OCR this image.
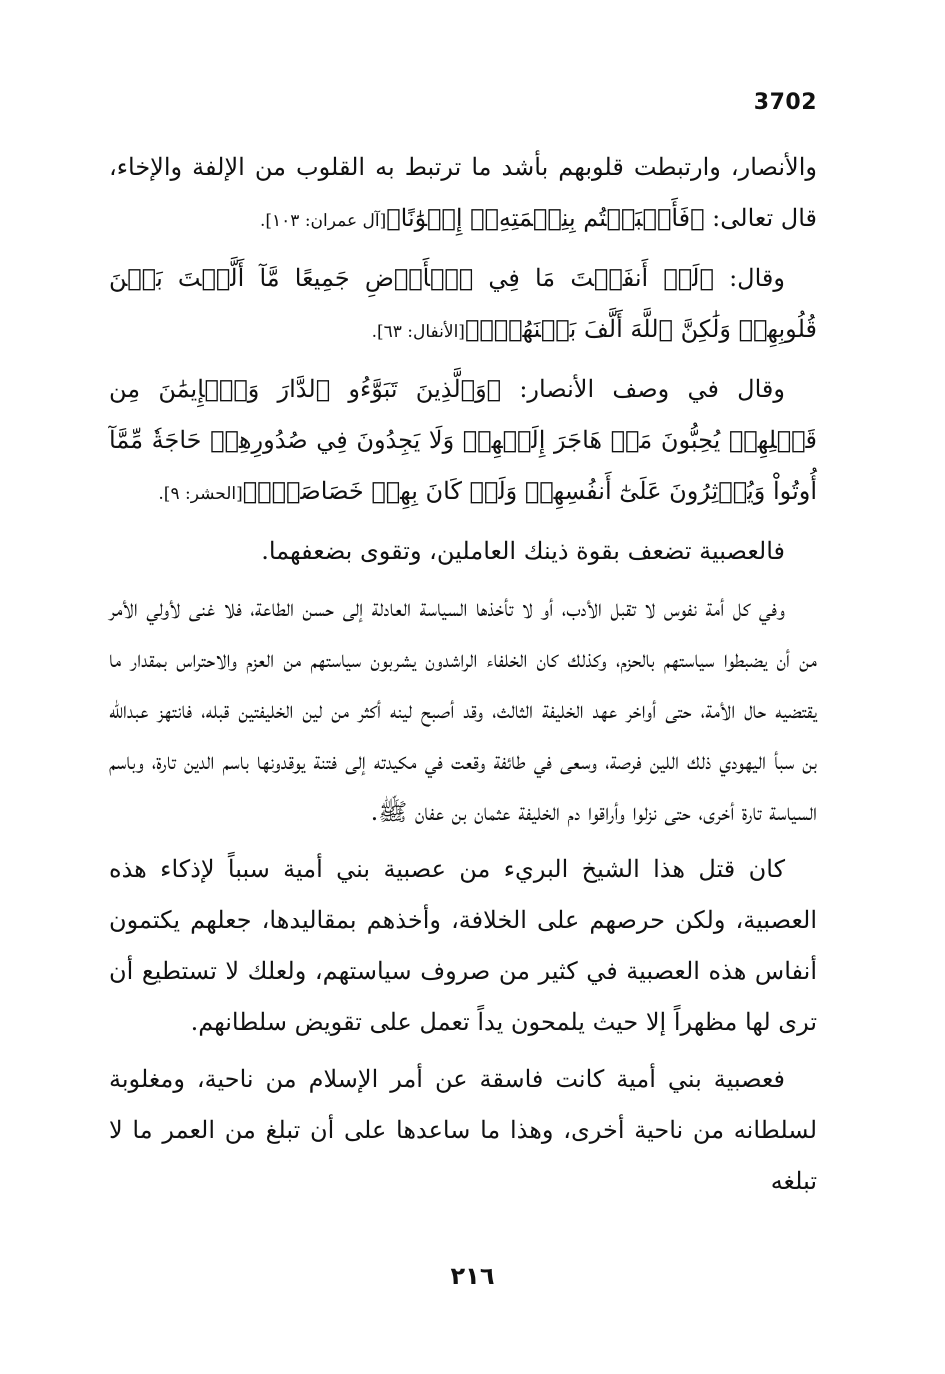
3702

والأنصار، وارتبطت قلوبهم بأشد ما ترتبط به القلوب من الإلفة والإخاء، قال تعالى: ﴿فَأَصۡبَحۡتُم بِنِعۡمَتِهِۦٓ إِخۡوَٰنًا﴾[آل عمران: ١٠٣].

وقال: ﴿لَوۡ أَنفَقۡتَ مَا فِي ٱلۡأَرۡضِ جَمِيعًا مَّآ أَلَّفۡتَ بَيۡنَ قُلُوبِهِمۡ وَلَٰكِنَّ ٱللَّهَ أَلَّفَ بَيۡنَهُمۡۚ﴾[الأنفال: ٦٣].

وقال في وصف الأنصار: ﴿وَٱلَّذِينَ تَبَوَّءُو ٱلدَّارَ وَٱلۡإِيمَٰنَ مِن قَبۡلِهِمۡ يُحِبُّونَ مَنۡ هَاجَرَ إِلَيۡهِمۡ وَلَا يَجِدُونَ فِي صُدُورِهِمۡ حَاجَةٗ مِّمَّآ أُوتُواْ وَيُؤۡثِرُونَ عَلَىٰٓ أَنفُسِهِمۡ وَلَوۡ كَانَ بِهِمۡ خَصَاصَةٞۚ﴾[الحشر: ٩].

فالعصبية تضعف بقوة ذينك العاملين، وتقوى بضعفهما.

وفي كل أمة نفوس لا تقبل الأدب، أو لا تأخذها السياسة العادلة إلى حسن الطاعة، فلا غنى لأولي الأمر من أن يضبطوا سياستهم بالحزم، وكذلك كان الخلفاء الراشدون يشربون سياستهم من العزم والاحتراس بمقدار ما يقتضيه حال الأمة، حتى أواخر عهد الخليفة الثالث، وقد أصبح لينه أكثر من لين الخليفتين قبله، فانتهز عبدالله بن سبأ اليهودي ذلك اللين فرصة، وسعى في طائفة وقعت في مكيدته إلى فتنة يوقدونها باسم الدين تارة، وباسم السياسة تارة أخرى، حتى نزلوا وأراقوا دم الخليفة عثمان بن عفان ﷺ.

كان قتل هذا الشيخ البريء من عصبية بني أمية سبباً لإذكاء هذه العصبية، ولكن حرصهم على الخلافة، وأخذهم بمقاليدها، جعلهم يكتمون أنفاس هذه العصبية في كثير من صروف سياستهم، ولعلك لا تستطيع أن ترى لها مظهراً إلا حيث يلمحون يداً تعمل على تقويض سلطانهم.

فعصبية بني أمية كانت فاسقة عن أمر الإسلام من ناحية، ومغلوبة لسلطانه من ناحية أخرى، وهذا ما ساعدها على أن تبلغ من العمر ما لا تبلغه

٢١٦
